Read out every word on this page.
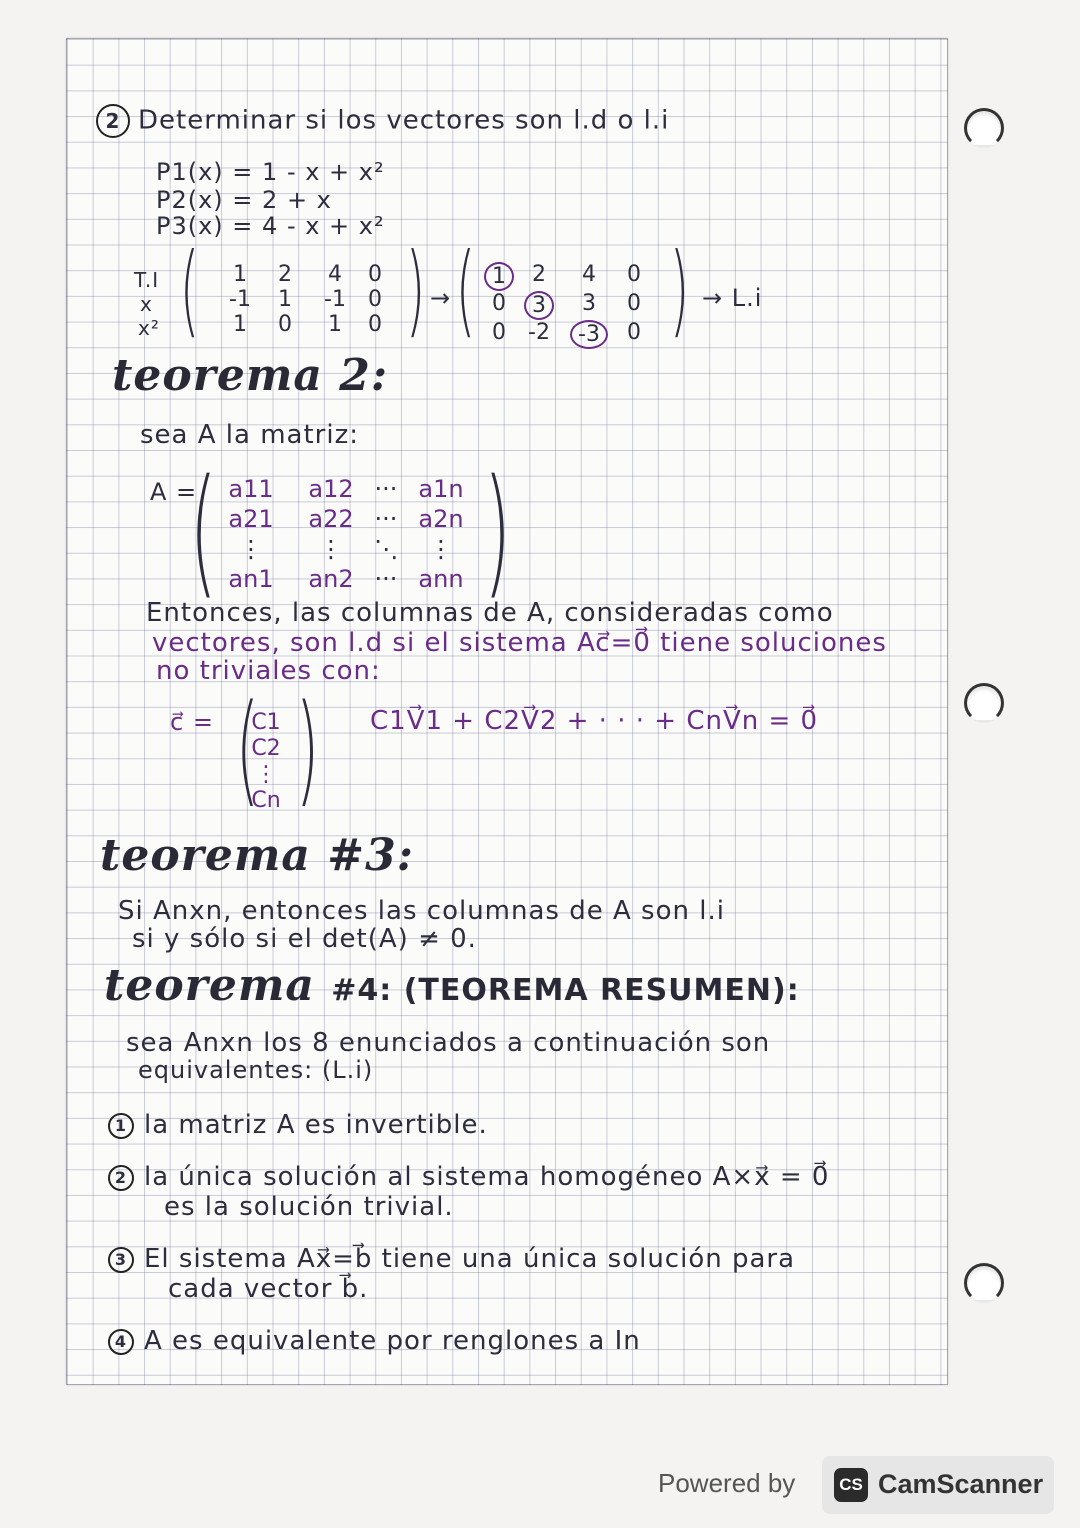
2 Determinar si los vectores son l.d o l.i
P1(x) = 1 - x + x²
P2(x) = 2 + x
P3(x) = 4 - x + x²
T.I
x
x² (	1	2	4	0
-1	1	-1	0
1	0	1	0 ) → ( 1	2	4	0
0	3	3	0
0	-2	-3	0 ) → L.i
teorema 2:
sea A la matriz:
A =
( a11	a12 ··· a1n
a21	a22 ··· a2n
⋮	⋮	⋱	⋮
an1	an2 ··· ann )
Entonces, las columnas de A, consideradas como
vectores, son l.d si el sistema Ac⃗=0⃗ tiene soluciones
no triviales con:
c⃗ = (
C1
C2
⋮
Cn ) C1V⃗1 + C2V⃗2 + · · · + CnV⃗n = 0⃗
teorema #3:
Si Anxn, entonces las columnas de A son l.i
si y sólo si el det(A) ≠ 0.
teorema #4: (TEOREMA RESUMEN):
sea Anxn los 8 enunciados a continuación son
equivalentes: (L.i)
1 la matriz A es invertible.
2 la única solución al sistema homogéneo A×x⃗ = 0⃗
es la solución trivial.
3 El sistema Ax⃗=b⃗ tiene una única solución para
cada vector b⃗.
4 A es equivalente por renglones a In
Powered by	CS CamScanner
